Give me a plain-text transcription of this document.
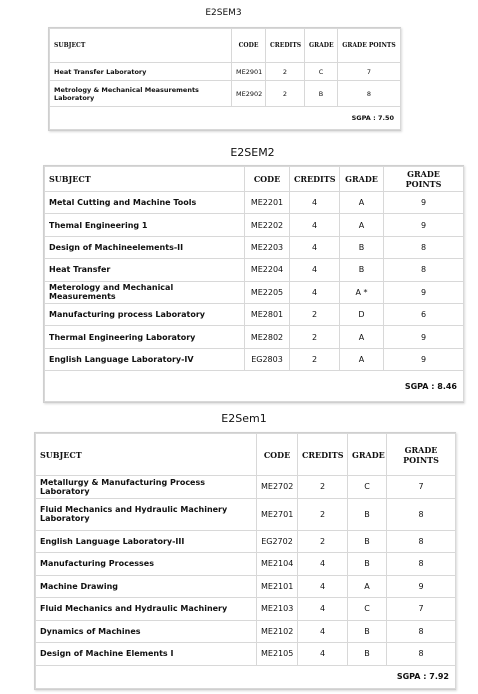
E2SEM3
SUBJECT	CODE	CREDITS	GRADE	GRADE POINTS
Heat Transfer Laboratory	ME2901	2	C	7
Metrology & Mechanical Measurements Laboratory	ME2902	2	B	8
SGPA : 7.50				
E2SEM2
SUBJECT	CODE	CREDITS	GRADE	GRADE POINTS
Metal Cutting and Machine Tools	ME2201	4	A	9
Themal Engineering 1	ME2202	4	A	9
Design of Machineelements-II	ME2203	4	B	8
Heat Transfer	ME2204	4	B	8
Meterology and Mechanical Measurements	ME2205	4	A *	9
Manufacturing process Laboratory	ME2801	2	D	6
Thermal Engineering Laboratory	ME2802	2	A	9
English Language Laboratory-IV	EG2803	2	A	9
SGPA : 8.46				
E2Sem1
SUBJECT	CODE	CREDITS	GRADE	GRADE POINTS
Metallurgy & Manufacturing Process Laboratory	ME2702	2	C	7
Fluid Mechanics and Hydraulic Machinery Laboratory	ME2701	2	B	8
English Language Laboratory-III	EG2702	2	B	8
Manufacturing Processes	ME2104	4	B	8
Machine Drawing	ME2101	4	A	9
Fluid Mechanics and Hydraulic Machinery	ME2103	4	C	7
Dynamics of Machines	ME2102	4	B	8
Design of Machine Elements I	ME2105	4	B	8
SGPA : 7.92				
